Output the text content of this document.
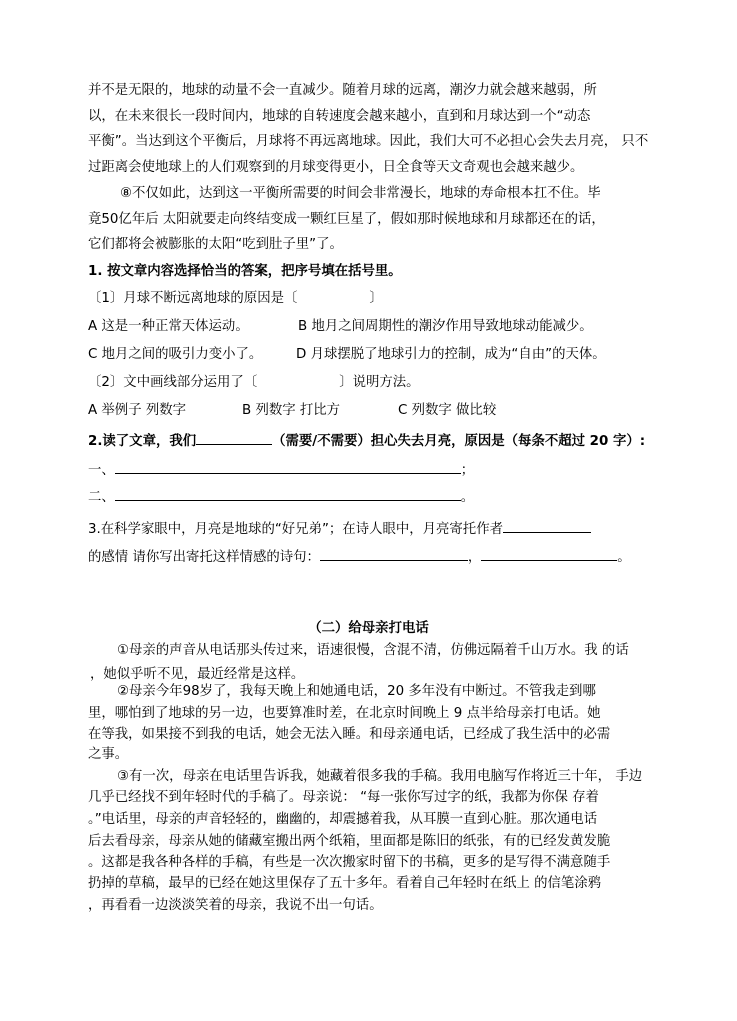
并不是无限的，地球的动量不会一直减少。随着月球的远离，潮汐力就会越来越弱，所
以，在未来很长一段时间内，地球的自转速度会越来越小，直到和月球达到一个“动态
平衡”。当达到这个平衡后，月球将不再远离地球。因此，我们大可不必担心会失去月亮， 只不
过距离会使地球上的人们观察到的月球变得更小，日全食等天文奇观也会越来越少。
⑧不仅如此，达到这一平衡所需要的时间会非常漫长，地球的寿命根本扛不住。毕
竟50亿年后 太阳就要走向终结变成一颗红巨星了，假如那时候地球和月球都还在的话，
它们都将会被膨胀的太阳“吃到肚子里”了。
1. 按文章内容选择恰当的答案，把序号填在括号里。
〔1〕月球不断远离地球的原因是〔	〕
A 这是一种正常天体运动。	B 地月之间周期性的潮汐作用导致地球动能减少。
C 地月之间的吸引力变小了。	D 月球摆脱了地球引力的控制，成为“自由”的天体。
〔2〕文中画线部分运用了〔	〕说明方法。
A 举例子 列数字	B 列数字 打比方	C 列数字 做比较
2.读了文章，我们	（需要/不需要）担心失去月亮，原因是（每条不超过 20 字）:
一、	；
二、	。
3.在科学家眼中，月亮是地球的“好兄弟”；在诗人眼中，月亮寄托作者
的感情 请你写出寄托这样情感的诗句：	，	。
（二）给母亲打电话
①母亲的声音从电话那头传过来，语速很慢，含混不清，仿佛远隔着千山万水。我 的话
，她似乎听不见，最近经常是这样。
②母亲今年98岁了，我每天晚上和她通电话，20 多年没有中断过。不管我走到哪
里，哪怕到了地球的另一边，也要算准时差，在北京时间晚上 9 点半给母亲打电话。她
在等我，如果接不到我的电话，她会无法入睡。和母亲通电话，已经成了我生活中的必需
之事。
③有一次，母亲在电话里告诉我，她藏着很多我的手稿。我用电脑写作将近三十年， 手边
几乎已经找不到年轻时代的手稿了。母亲说： “每一张你写过字的纸，我都为你保 存着
。”电话里，母亲的声音轻轻的，幽幽的，却震撼着我，从耳膜一直到心脏。那次通电话
后去看母亲，母亲从她的储藏室搬出两个纸箱，里面都是陈旧的纸张，有的已经发黄发脆
。这都是我各种各样的手稿，有些是一次次搬家时留下的书稿，更多的是写得不满意随手
扔掉的草稿，最早的已经在她这里保存了五十多年。看着自己年轻时在纸上 的信笔涂鸦
，再看看一边淡淡笑着的母亲，我说不出一句话。
